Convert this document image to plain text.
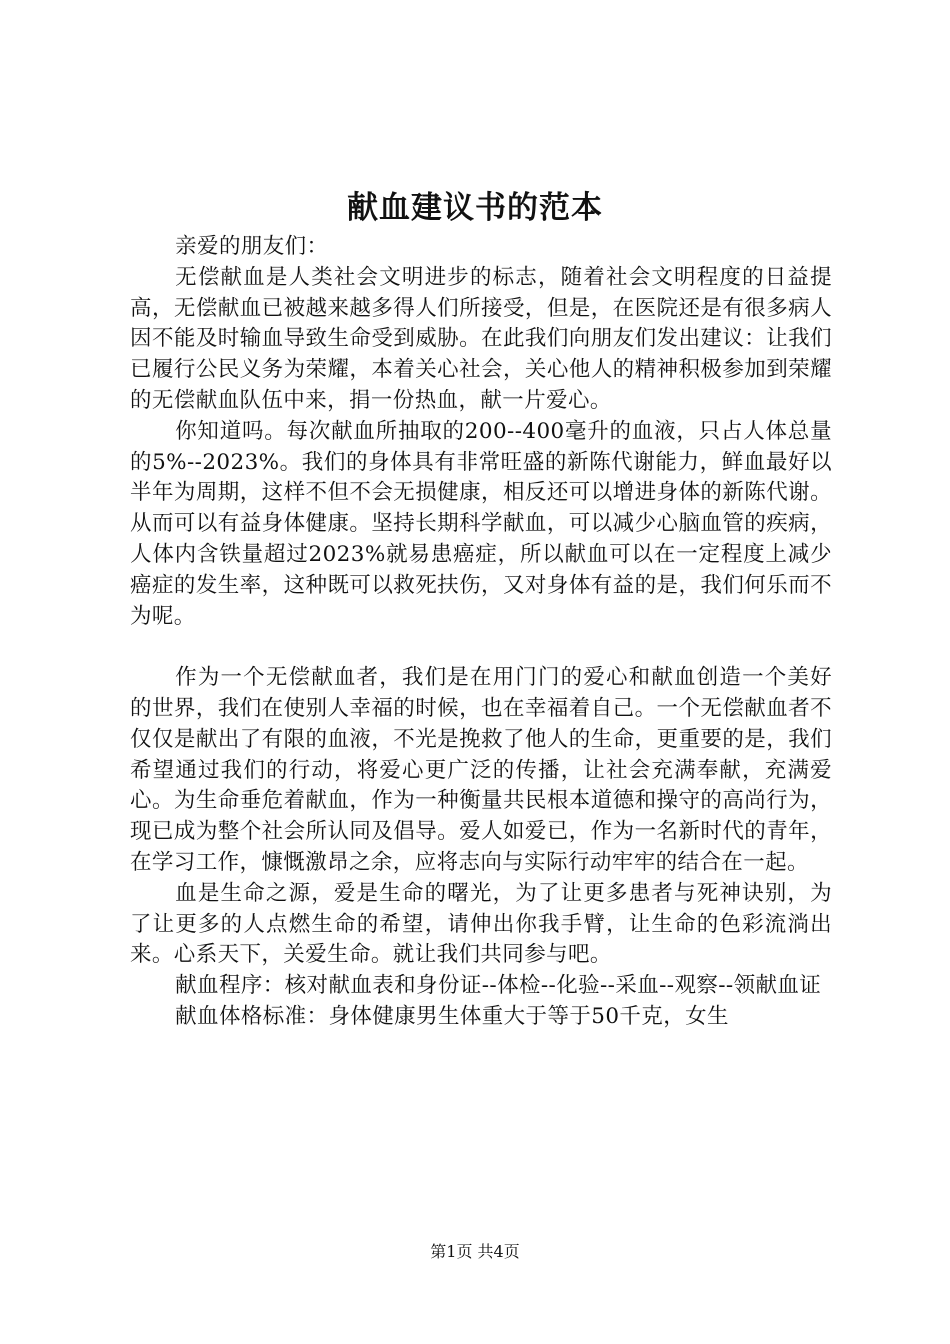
献血建议书的范本

亲爱的朋友们：

无偿献血是人类社会文明进步的标志，随着社会文明程度的日益提高，无偿献血已被越来越多得人们所接受，但是，在医院还是有很多病人因不能及时输血导致生命受到威胁。在此我们向朋友们发出建议：让我们已履行公民义务为荣耀，本着关心社会，关心他人的精神积极参加到荣耀的无偿献血队伍中来，捐一份热血，献一片爱心。

你知道吗。每次献血所抽取的200--400毫升的血液，只占人体总量的5%--2023%。我们的身体具有非常旺盛的新陈代谢能力，鲜血最好以半年为周期，这样不但不会无损健康，相反还可以增进身体的新陈代谢。从而可以有益身体健康。坚持长期科学献血，可以减少心脑血管的疾病，人体内含铁量超过2023%就易患癌症，所以献血可以在一定程度上减少癌症的发生率，这种既可以救死扶伤，又对身体有益的是，我们何乐而不为呢。

作为一个无偿献血者，我们是在用门门的爱心和献血创造一个美好的世界，我们在使别人幸福的时候，也在幸福着自己。一个无偿献血者不仅仅是献出了有限的血液，不光是挽救了他人的生命，更重要的是，我们希望通过我们的行动，将爱心更广泛的传播，让社会充满奉献，充满爱心。为生命垂危着献血，作为一种衡量共民根本道德和操守的高尚行为，现已成为整个社会所认同及倡导。爱人如爱已，作为一名新时代的青年，在学习工作，慷慨激昂之余，应将志向与实际行动牢牢的结合在一起。

血是生命之源，爱是生命的曙光，为了让更多患者与死神诀别，为了让更多的人点燃生命的希望，请伸出你我手臂，让生命的色彩流淌出来。心系天下，关爱生命。就让我们共同参与吧。

献血程序：核对献血表和身份证--体检--化验--采血--观察--领献血证

献血体格标准：身体健康男生体重大于等于50千克，女生

第1页 共4页
